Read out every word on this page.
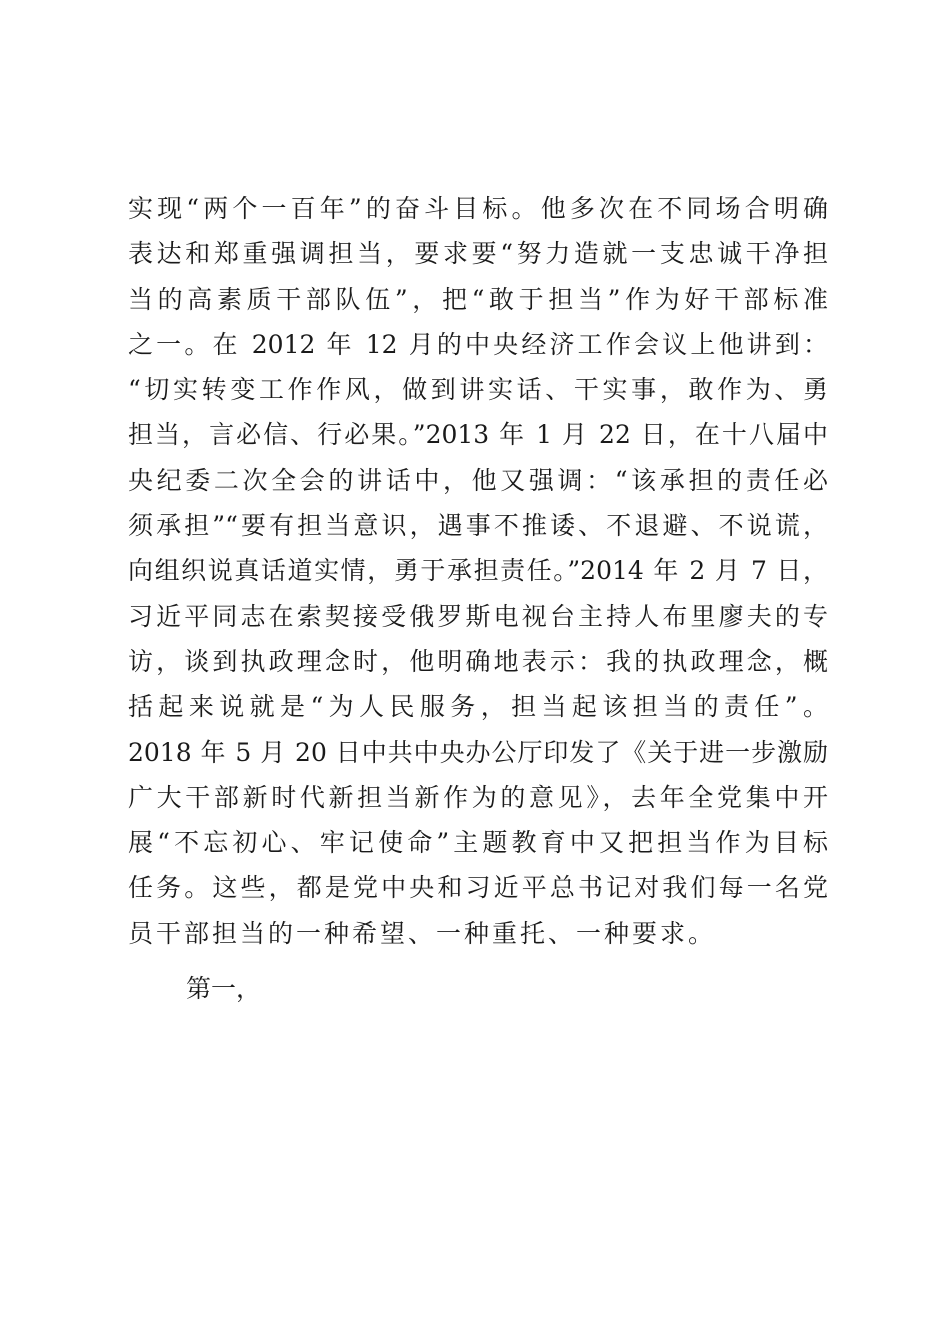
实现“两个一百年”的奋斗目标。他多次在不同场合明确
表达和郑重强调担当，要求要“努力造就一支忠诚干净担
当的高素质干部队伍”，把“敢于担当”作为好干部标准
之一。在 2012 年 12 月的中央经济工作会议上他讲到：
“切实转变工作作风，做到讲实话、干实事，敢作为、勇
担当，言必信、行必果。”2013 年 1 月 22 日，在十八届中
央纪委二次全会的讲话中，他又强调：“该承担的责任必
须承担”“要有担当意识，遇事不推诿、不退避、不说谎，
向组织说真话道实情，勇于承担责任。”2014 年 2 月 7 日，
习近平同志在索契接受俄罗斯电视台主持人布里廖夫的专
访，谈到执政理念时，他明确地表示：我的执政理念，概
括起来说就是“为人民服务，担当起该担当的责任”。
2018 年 5 月 20 日中共中央办公厅印发了《关于进一步激励
广大干部新时代新担当新作为的意见》，去年全党集中开
展“不忘初心、牢记使命”主题教育中又把担当作为目标
任务。这些，都是党中央和习近平总书记对我们每一名党
员干部担当的一种希望、一种重托、一种要求。
第一，
